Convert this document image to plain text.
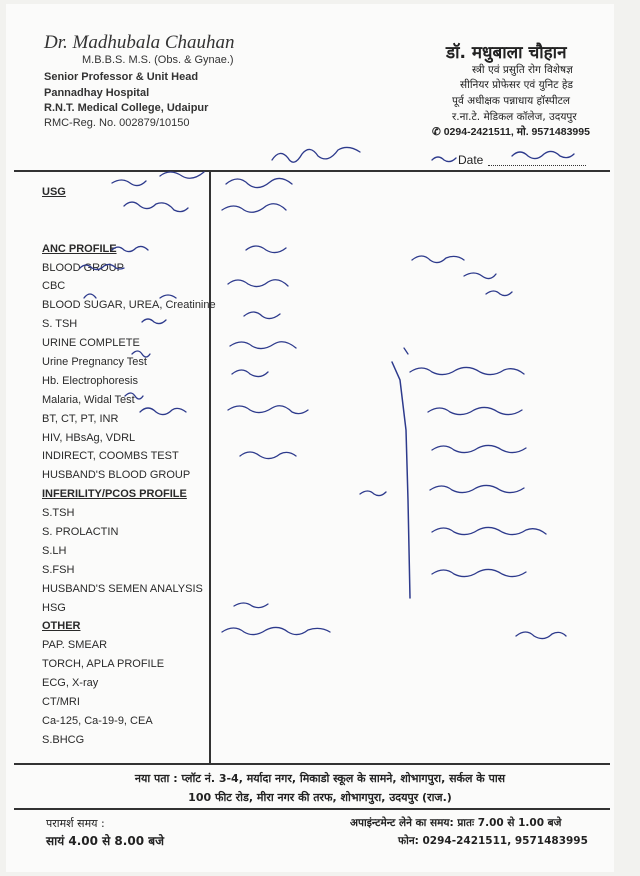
Dr. Madhubala Chauhan
M.B.B.S. M.S. (Obs. & Gynae.)
Senior Professor & Unit Head
Pannadhay Hospital
R.N.T. Medical College, Udaipur
RMC-Reg. No. 002879/10150
डॉ. मधुबाला चौहान
स्त्री एवं प्रसुति रोग विशेषज्ञ
सीनियर प्रोफेसर एवं युनिट हेड
पूर्व अधीक्षक पन्नाधाय हॉस्पीटल
र.ना.टे. मेडिकल कॉलेज, उदयपुर
✆ 0294-2421511, मो. 9571483995
Date
USG
ANC PROFILE
BLOOD GROUP
CBC
BLOOD SUGAR, UREA, Creatinine
S. TSH
URINE COMPLETE
Urine Pregnancy Test
Hb. Electrophoresis
Malaria, Widal Test
BT, CT, PT, INR
HIV, HBsAg, VDRL
INDIRECT, COOMBS TEST
HUSBAND'S BLOOD GROUP
INFERILITY/PCOS PROFILE
S.TSH
S. PROLACTIN
S.LH
S.FSH
HUSBAND'S SEMEN ANALYSIS
HSG
OTHER
PAP. SMEAR
TORCH, APLA PROFILE
ECG, X-ray
CT/MRI
Ca-125, Ca-19-9, CEA
S.BHCG
नया पता : प्लॉट नं. 3-4, मर्यादा नगर, मिकाडो स्कूल के सामने, शोभागपुरा, सर्कल के पास
100 फीट रोड, मीरा नगर की तरफ, शोभागपुरा, उदयपुर (राज.)
परामर्श समय :
सायं 4.00 से 8.00 बजे
अपाइंन्टमेन्ट लेने का समय: प्रातः 7.00 से 1.00 बजे
फोन: 0294-2421511, 9571483995
